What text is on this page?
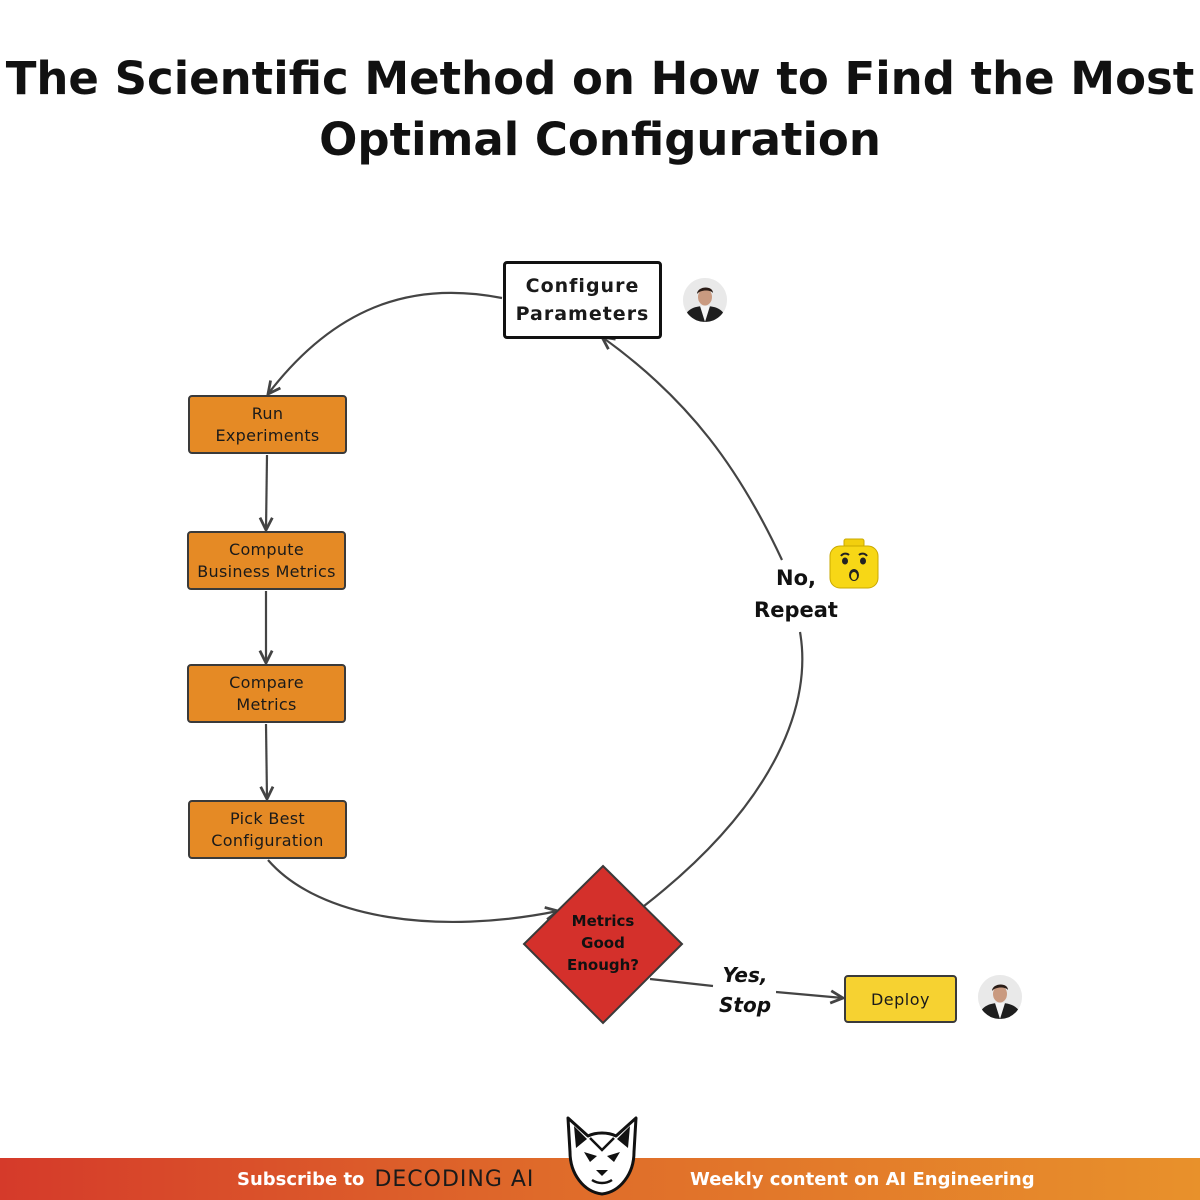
The Scientific Method on How to Find the Most
Optimal Configuration
Configure
Parameters
Run
Experiments
Compute
Business Metrics
Compare
Metrics
Pick Best
Configuration
Metrics
Good
Enough?
Deploy
No,
Repeat
Yes,
Stop
Subscribe to DECODING AI	Weekly content on AI Engineering
